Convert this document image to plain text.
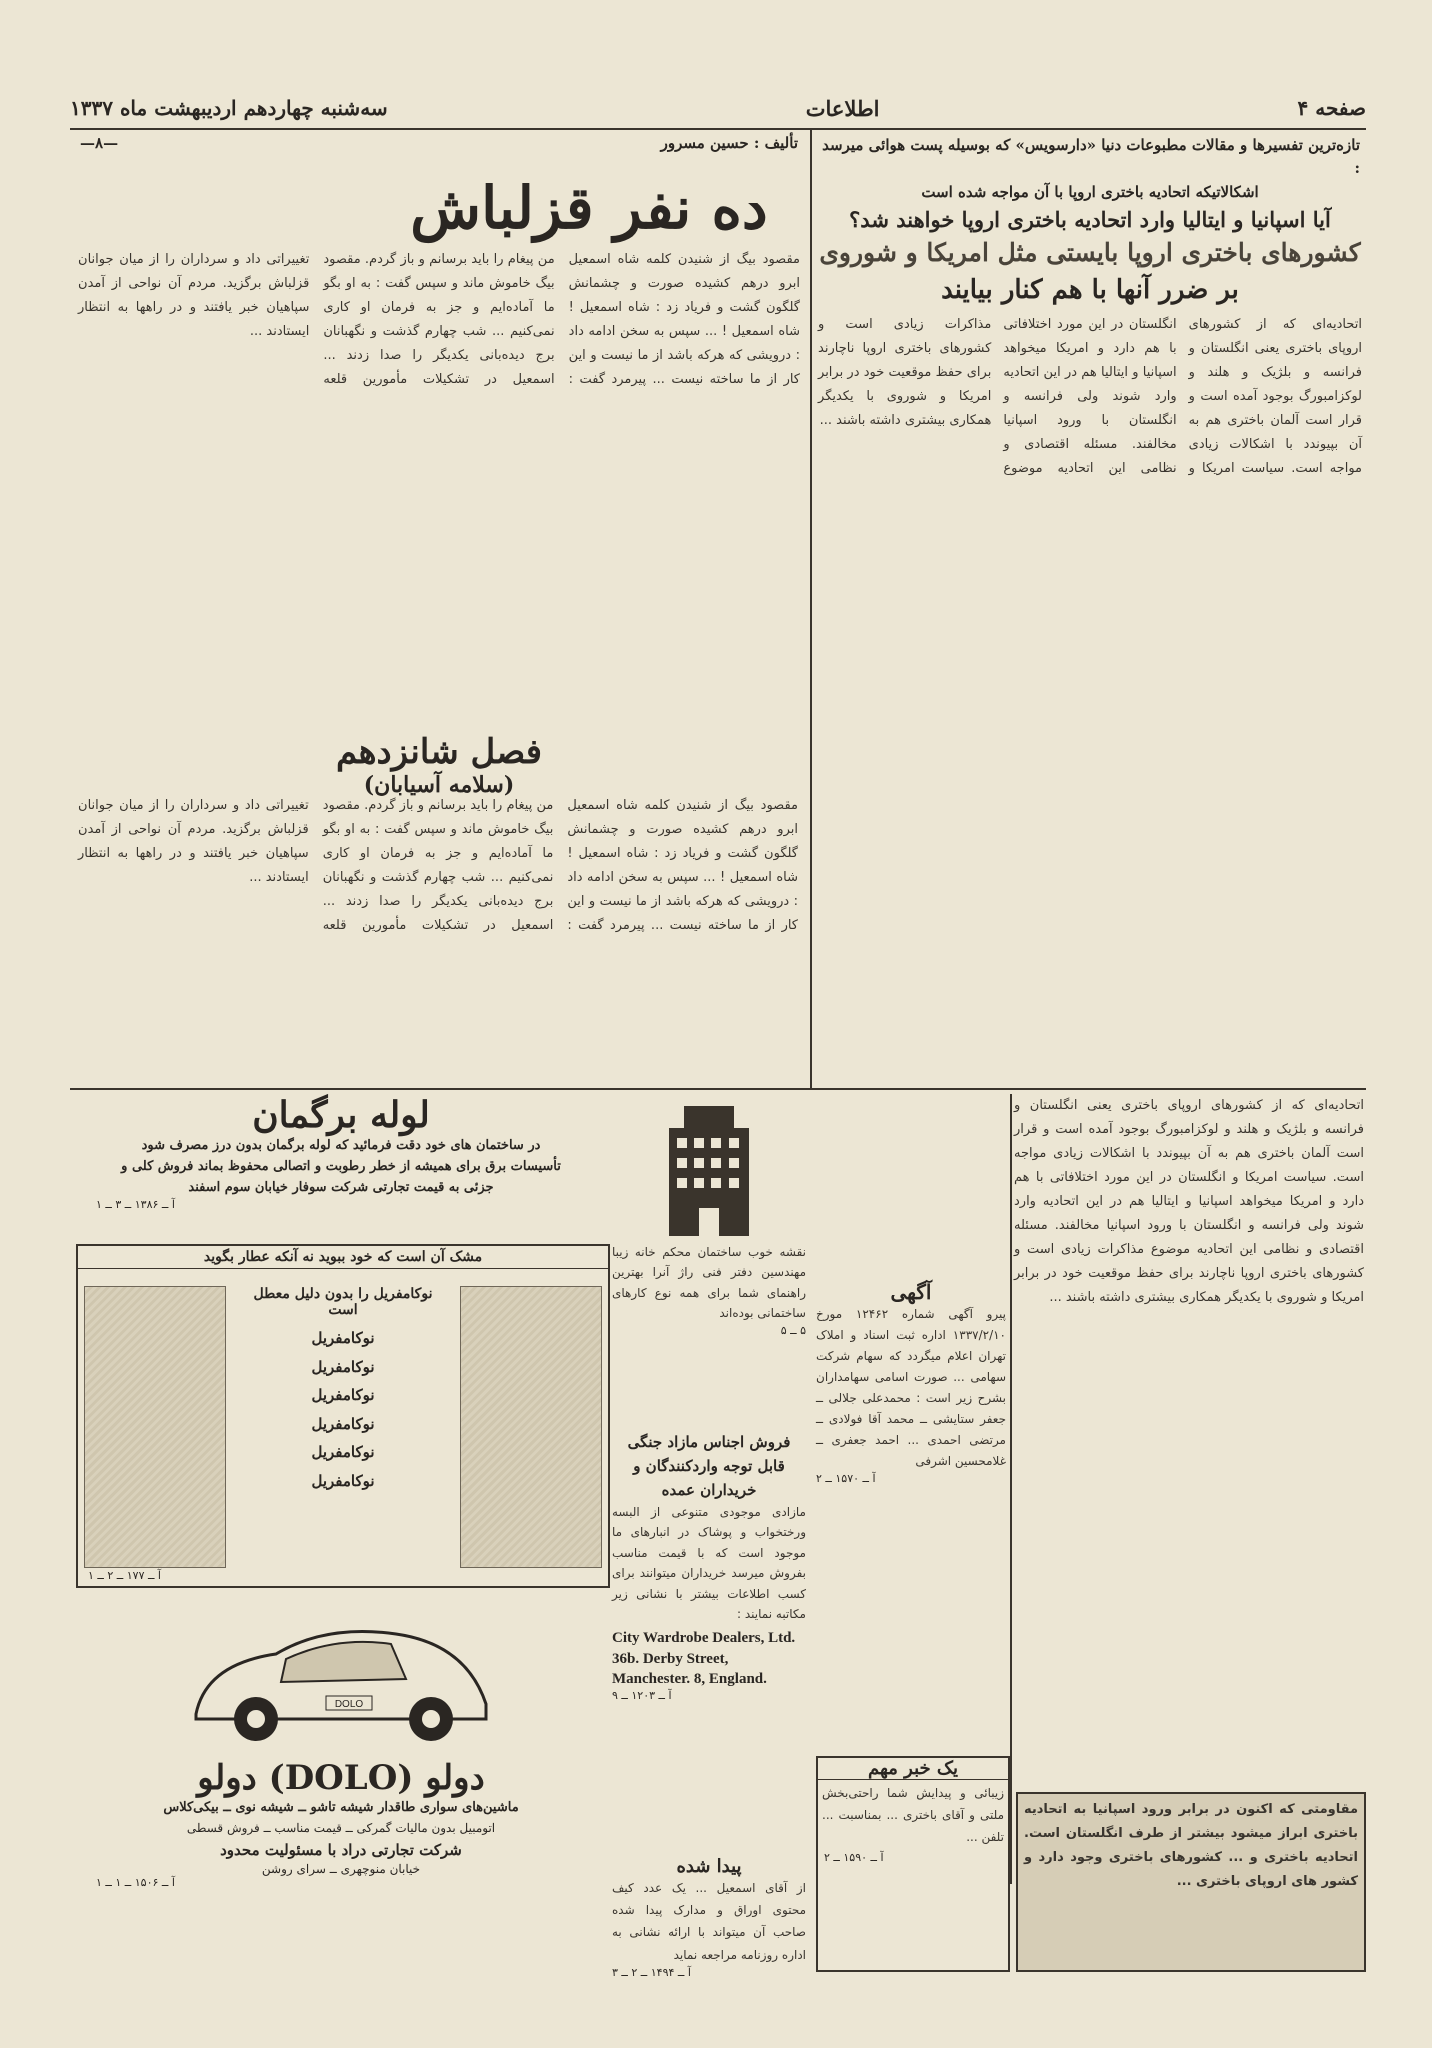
صفحه ۴
اطلاعات
سه‌شنبه چهاردهم اردیبهشت ماه ۱۳۳۷
تألیف : حسین مسرور
—۸—
ده نفر قزلباش
مقصود بیگ از شنیدن کلمه شاه اسمعیل ابرو درهم کشیده صورت و چشمانش گلگون گشت و فریاد زد : شاه اسمعیل ! شاه اسمعیل ! ... سپس به سخن ادامه داد : درویشی که هرکه باشد از ما نیست و این کار از ما ساخته نیست ... پیرمرد گفت : من پیغام را باید برسانم و باز گردم. مقصود بیگ خاموش ماند و سپس گفت : به او بگو ما آماده‌ایم و جز به فرمان او کاری نمی‌کنیم ... شب چهارم گذشت و نگهبانان برج دیده‌بانی یکدیگر را صدا زدند ... اسمعیل در تشکیلات مأمورین قلعه تغییراتی داد و سرداران را از میان جوانان قزلباش برگزید. مردم آن نواحی از آمدن سپاهیان خبر یافتند و در راهها به انتظار ایستادند ...
فصل شانزدهم
(سلامه آسیابان)
مقصود بیگ از شنیدن کلمه شاه اسمعیل ابرو درهم کشیده صورت و چشمانش گلگون گشت و فریاد زد : شاه اسمعیل ! شاه اسمعیل ! ... سپس به سخن ادامه داد : درویشی که هرکه باشد از ما نیست و این کار از ما ساخته نیست ... پیرمرد گفت : من پیغام را باید برسانم و باز گردم. مقصود بیگ خاموش ماند و سپس گفت : به او بگو ما آماده‌ایم و جز به فرمان او کاری نمی‌کنیم ... شب چهارم گذشت و نگهبانان برج دیده‌بانی یکدیگر را صدا زدند ... اسمعیل در تشکیلات مأمورین قلعه تغییراتی داد و سرداران را از میان جوانان قزلباش برگزید. مردم آن نواحی از آمدن سپاهیان خبر یافتند و در راهها به انتظار ایستادند ...
تازه‌ترین تفسیرها و مقالات مطبوعات دنیا «دارسویس» که بوسیله پست هوائی میرسد :
اشکالاتیکه اتحادیه باختری اروپا با آن مواجه شده است
آیا اسپانیا و ایتالیا وارد اتحادیه باختری اروپا خواهند شد؟
کشورهای باختری اروپا بایستی مثل امریکا و شوروی
بر ضرر آنها با هم کنار بیایند
اتحادیه‌ای که از کشورهای اروپای باختری یعنی انگلستان و فرانسه و بلژیک و هلند و لوکزامبورگ بوجود آمده است و قرار است آلمان باختری هم به آن بپیوندد با اشکالات زیادی مواجه است. سیاست امریکا و انگلستان در این مورد اختلافاتی با هم دارد و امریکا میخواهد اسپانیا و ایتالیا هم در این اتحادیه وارد شوند ولی فرانسه و انگلستان با ورود اسپانیا مخالفند. مسئله اقتصادی و نظامی این اتحادیه موضوع مذاکرات زیادی است و کشورهای باختری اروپا ناچارند برای حفظ موقعیت خود در برابر امریکا و شوروی با یکدیگر همکاری بیشتری داشته باشند ...
اتحادیه‌ای که از کشورهای اروپای باختری یعنی انگلستان و فرانسه و بلژیک و هلند و لوکزامبورگ بوجود آمده است و قرار است آلمان باختری هم به آن بپیوندد با اشکالات زیادی مواجه است. سیاست امریکا و انگلستان در این مورد اختلافاتی با هم دارد و امریکا میخواهد اسپانیا و ایتالیا هم در این اتحادیه وارد شوند ولی فرانسه و انگلستان با ورود اسپانیا مخالفند. مسئله اقتصادی و نظامی این اتحادیه موضوع مذاکرات زیادی است و کشورهای باختری اروپا ناچارند برای حفظ موقعیت خود در برابر امریکا و شوروی با یکدیگر همکاری بیشتری داشته باشند ...
مقاومتی که اکنون در برابر ورود اسپانیا به اتحادیه باختری ابراز میشود بیشتر از طرف انگلستان است. اتحادیه باختری و ... کشورهای باختری وجود دارد و کشور های اروپای باختری ...
لوله برگمان
در ساختمان های خود دقت فرمائید که لوله برگمان بدون درز مصرف شود
تأسیسات برق برای همیشه از خطر رطوبت و اتصالی محفوظ بماند فروش کلی و
جزئی به قیمت تجارتی شرکت سوفار خیابان سوم اسفند
آ ــ ۱۳۸۶ ــ ۳ ــ ۱
نقشه خوب ساختمان محکم خانه زیبا مهندسین دفتر فنی راژ آنرا بهترین راهنمای شما برای همه نوع کارهای ساختمانی بوده‌اند
۵ ــ ۵
مشک آن است که خود ببوید نه آنکه عطار بگوید
نوکامفریل را بدون دلیل معطل است
نوکامفریل
نوکامفریل
نوکامفریل
نوکامفریل
نوکامفریل
نوکامفریل
آ ــ ۱۷۷ ــ ۲ ــ ۱
فروش اجناس مازاد جنگی قابل توجه واردکنندگان و خریداران عمده
مازادی موجودی متنوعی از البسه ورختخواب و پوشاک در انبارهای ما موجود است که با قیمت مناسب بفروش میرسد خریداران میتوانند برای کسب اطلاعات بیشتر با نشانی زیر مکاتبه نمایند :
City Wardrobe Dealers, Ltd. 36b. Derby Street, Manchester. 8, England.
آ ــ ۱۲۰۳ ــ ۹
آگهی
پیرو آگهی شماره ۱۲۴۶۲ مورخ ۱۳۳۷/۲/۱۰ اداره ثبت اسناد و املاک تهران اعلام میگردد که سهام شرکت سهامی ... صورت اسامی سهامداران بشرح زیر است : محمدعلی جلالی ــ جعفر ستایشی ــ محمد آقا فولادی ــ مرتضی احمدی ... احمد جعفری ــ غلامحسین اشرفی
آ ــ ۱۵۷۰ ــ ۲
یک خبر مهم
زیبائی و پیدایش شما راحتی‌بخش ملتی و آقای باختری ... بمناسبت ... تلفن ...
آ ــ ۱۵۹۰ ــ ۲
پیدا شده
از آقای اسمعیل ... یک عدد کیف محتوی اوراق و مدارک پیدا شده صاحب آن میتواند با ارائه نشانی به اداره روزنامه مراجعه نماید
آ ــ ۱۴۹۴ ــ ۲ ــ ۳
DOLO
دولو (DOLO) دولو
ماشین‌های سواری طاقدار شیشه تاشو ــ شیشه نوی ــ بیکی‌کلاس
اتومبیل بدون مالیات گمرکی ــ قیمت مناسب ــ فروش قسطی
شرکت تجارتی دراد با مسئولیت محدود
خیابان منوچهری ــ سرای روشن
آ ــ ۱۵۰۶ ــ ۱ ــ ۱
